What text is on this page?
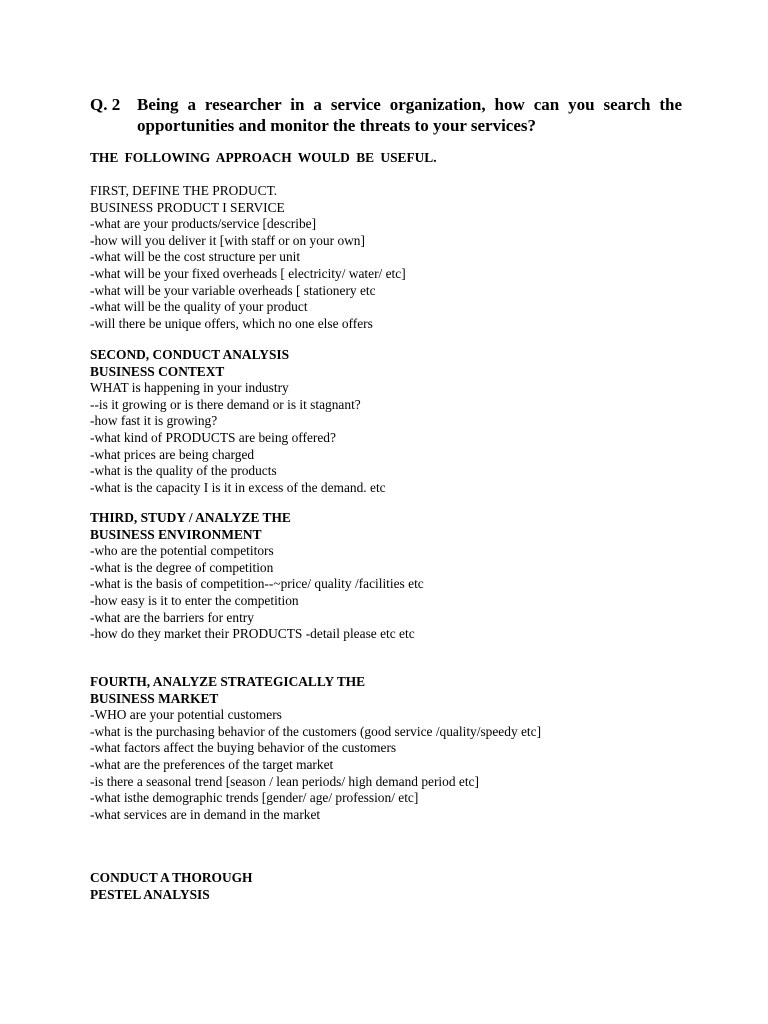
Q. 2 Being a researcher in a service organization, how can you search the opportunities and monitor the threats to your services?
THE FOLLOWING APPROACH WOULD BE USEFUL.
FIRST, DEFINE THE PRODUCT.
BUSINESS PRODUCT I SERVICE
-what are your products/service [describe]
-how will you deliver it [with staff or on your own]
-what will be the cost structure per unit
-what will be your fixed overheads [ electricity/ water/ etc]
-what will be your variable overheads [ stationery etc
-what will be the quality of your product
-will there be unique offers, which no one else offers
SECOND, CONDUCT ANALYSIS
BUSINESS CONTEXT
WHAT is happening in your industry
--is it growing or is there demand or is it stagnant?
-how fast it is growing?
-what kind of PRODUCTS are being offered?
-what prices are being charged
-what is the quality of the products
-what is the capacity I is it in excess of the demand. etc
THIRD, STUDY / ANALYZE THE
BUSINESS ENVIRONMENT
-who are the potential competitors
-what is the degree of competition
-what is the basis of competition--~price/ quality /facilities etc
-how easy is it to enter the competition
-what are the barriers for entry
-how do they market their PRODUCTS -detail please etc etc
FOURTH, ANALYZE STRATEGICALLY THE
BUSINESS MARKET
-WHO are your potential customers
-what is the purchasing behavior of the customers (good service /quality/speedy etc]
-what factors affect the buying behavior of the customers
-what are the preferences of the target market
-is there a seasonal trend [season / lean periods/ high demand period etc]
-what isthe demographic trends [gender/ age/ profession/ etc]
-what services are in demand in the market
CONDUCT A THOROUGH
PESTEL ANALYSIS
